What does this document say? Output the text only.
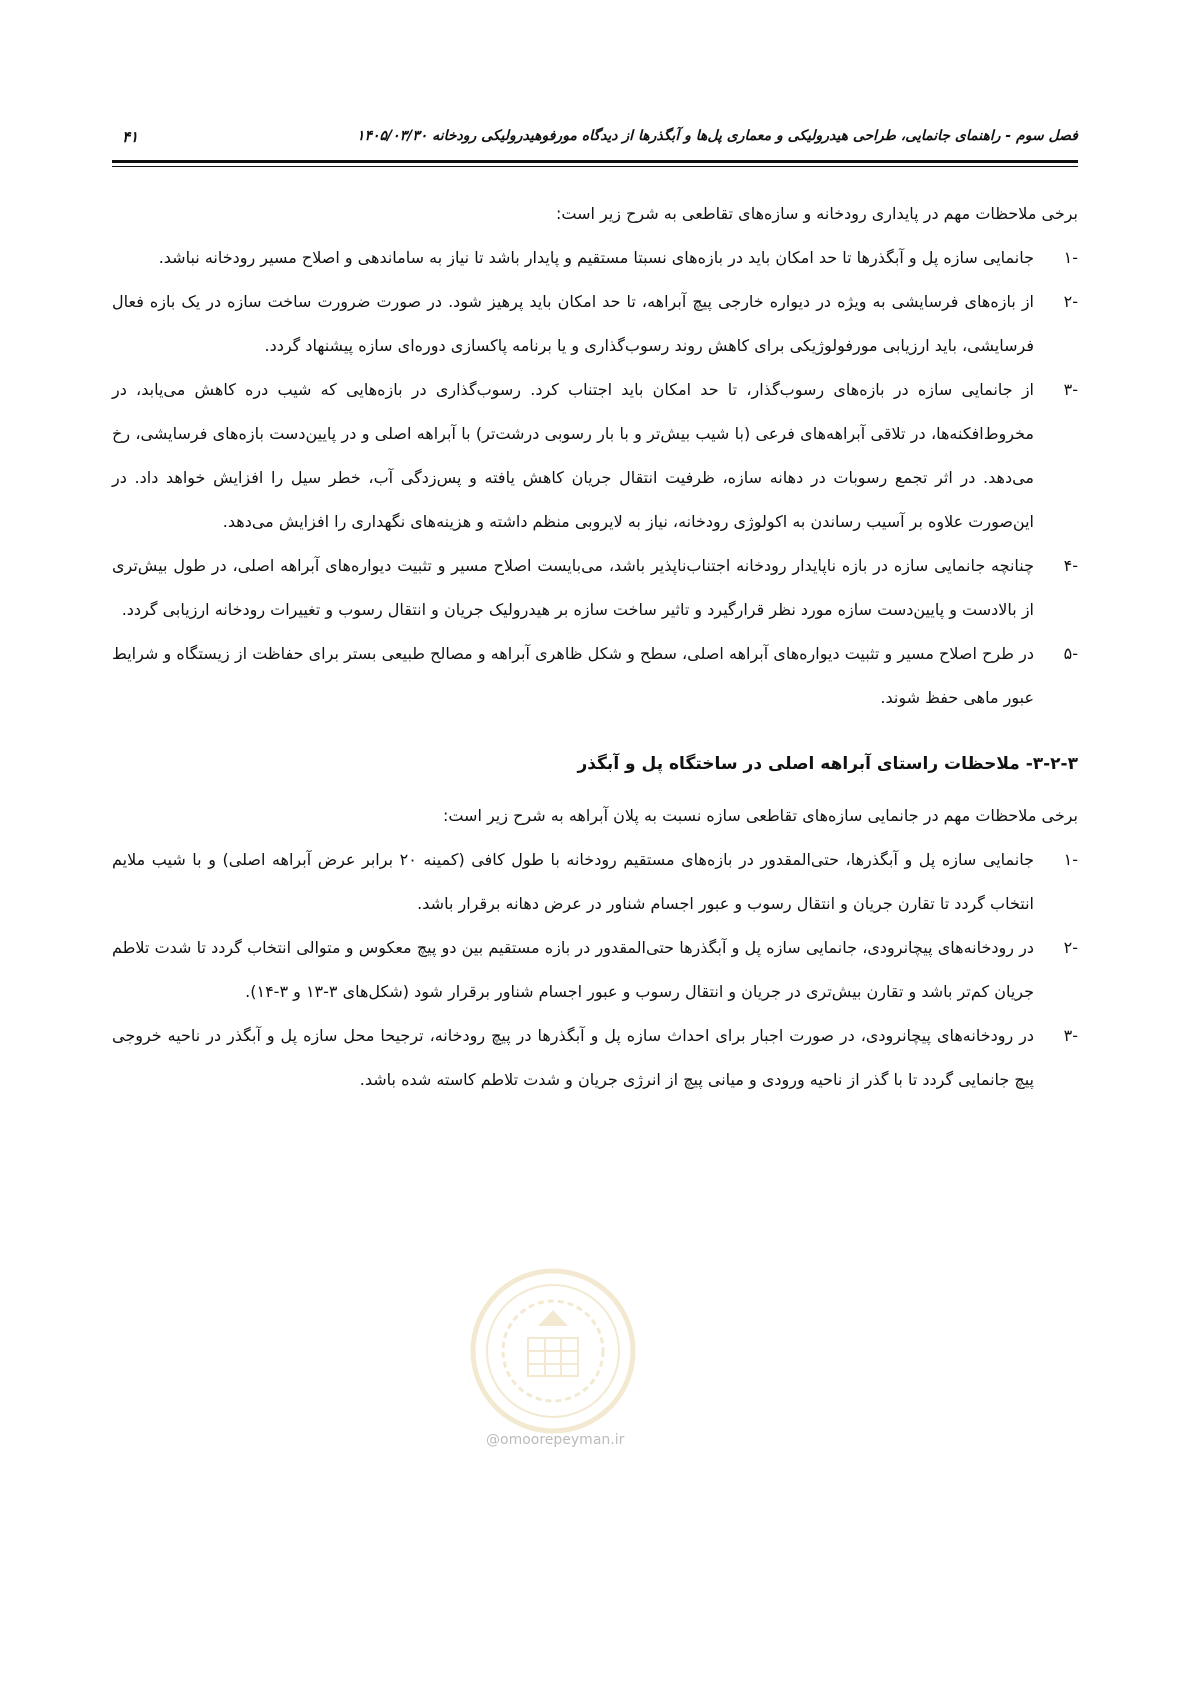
فصل سوم - راهنمای جانمایی، طراحی هیدرولیکی و معماری پل‌ها و آبگذرها از دیدگاه مورفوهیدرولیکی رودخانه ۱۴۰۵/۰۳/۳۰
۴۱

برخی ملاحظات مهم در پایداری رودخانه و سازه‌های تقاطعی به شرح زیر است:

-۱
جانمایی سازه پل و آبگذرها تا حد امکان باید در بازه‌های نسبتا مستقیم و پایدار باشد تا نیاز به ساماندهی و اصلاح مسیر رودخانه نباشد.
-۲
از بازه‌های فرسایشی به ویژه در دیواره خارجی پیچ آبراهه، تا حد امکان باید پرهیز شود. در صورت ضرورت ساخت سازه در یک بازه فعال فرسایشی، باید ارزیابی مورفولوژیکی برای کاهش روند رسوب‌گذاری و یا برنامه پاکسازی دوره‌ای سازه پیشنهاد گردد.
-۳
از جانمایی سازه در بازه‌های رسوب‌گذار، تا حد امکان باید اجتناب کرد. رسوب‌گذاری در بازه‌هایی که شیب دره کاهش می‌یابد، در مخروط‌افکنه‌ها، در تلاقی آبراهه‌های فرعی (با شیب بیش‌تر و با بار رسوبی درشت‌تر) با آبراهه اصلی و در پایین‌دست بازه‌های فرسایشی، رخ می‌دهد. در اثر تجمع رسوبات در دهانه سازه، ظرفیت انتقال جریان کاهش یافته و پس‌زدگی آب، خطر سیل را افزایش خواهد داد. در این‌صورت علاوه بر آسیب رساندن به اکولوژی رودخانه، نیاز به لایروبی منظم داشته و هزینه‌های نگهداری را افزایش می‌دهد.
-۴
چنانچه جانمایی سازه در بازه ناپایدار رودخانه اجتناب‌ناپذیر باشد، می‌بایست اصلاح مسیر و تثبیت دیواره‌های آبراهه اصلی، در طول بیش‌تری از بالادست و پایین‌دست سازه مورد نظر قرارگیرد و تاثیر ساخت سازه بر هیدرولیک جریان و انتقال رسوب و تغییرات رودخانه ارزیابی گردد.
-۵
در طرح اصلاح مسیر و تثبیت دیواره‌های آبراهه اصلی، سطح و شکل ظاهری آبراهه و مصالح طبیعی بستر برای حفاظت از زیستگاه و شرایط عبور ماهی حفظ شوند.
۳-۲-۳- ملاحظات راستای آبراهه اصلی در ساختگاه پل و آبگذر

برخی ملاحظات مهم در جانمایی سازه‌های تقاطعی سازه نسبت به پلان آبراهه به شرح زیر است:

-۱
جانمایی سازه پل و آبگذرها، حتی‌المقدور در بازه‌های مستقیم رودخانه با طول کافی (کمینه ۲۰ برابر عرض آبراهه اصلی) و با شیب ملایم انتخاب گردد تا تقارن جریان و انتقال رسوب و عبور اجسام شناور در عرض دهانه برقرار باشد.
-۲
در رودخانه‌های پیچانرودی، جانمایی سازه پل و آبگذرها حتی‌المقدور در بازه مستقیم بین دو پیچ معکوس و متوالی انتخاب گردد تا شدت تلاطم جریان کم‌تر باشد و تقارن بیش‌تری در جریان و انتقال رسوب و عبور اجسام شناور برقرار شود (شکل‌های ۳-۱۳ و ۳-۱۴).
-۳
در رودخانه‌های پیچانرودی، در صورت اجبار برای احداث سازه پل و آبگذرها در پیچ رودخانه، ترجیحا محل سازه پل و آبگذر در ناحیه خروجی پیچ جانمایی گردد تا با گذر از ناحیه ورودی و میانی پیچ از انرژی جریان و شدت تلاطم کاسته شده باشد.
@omoorepeyman.ir
